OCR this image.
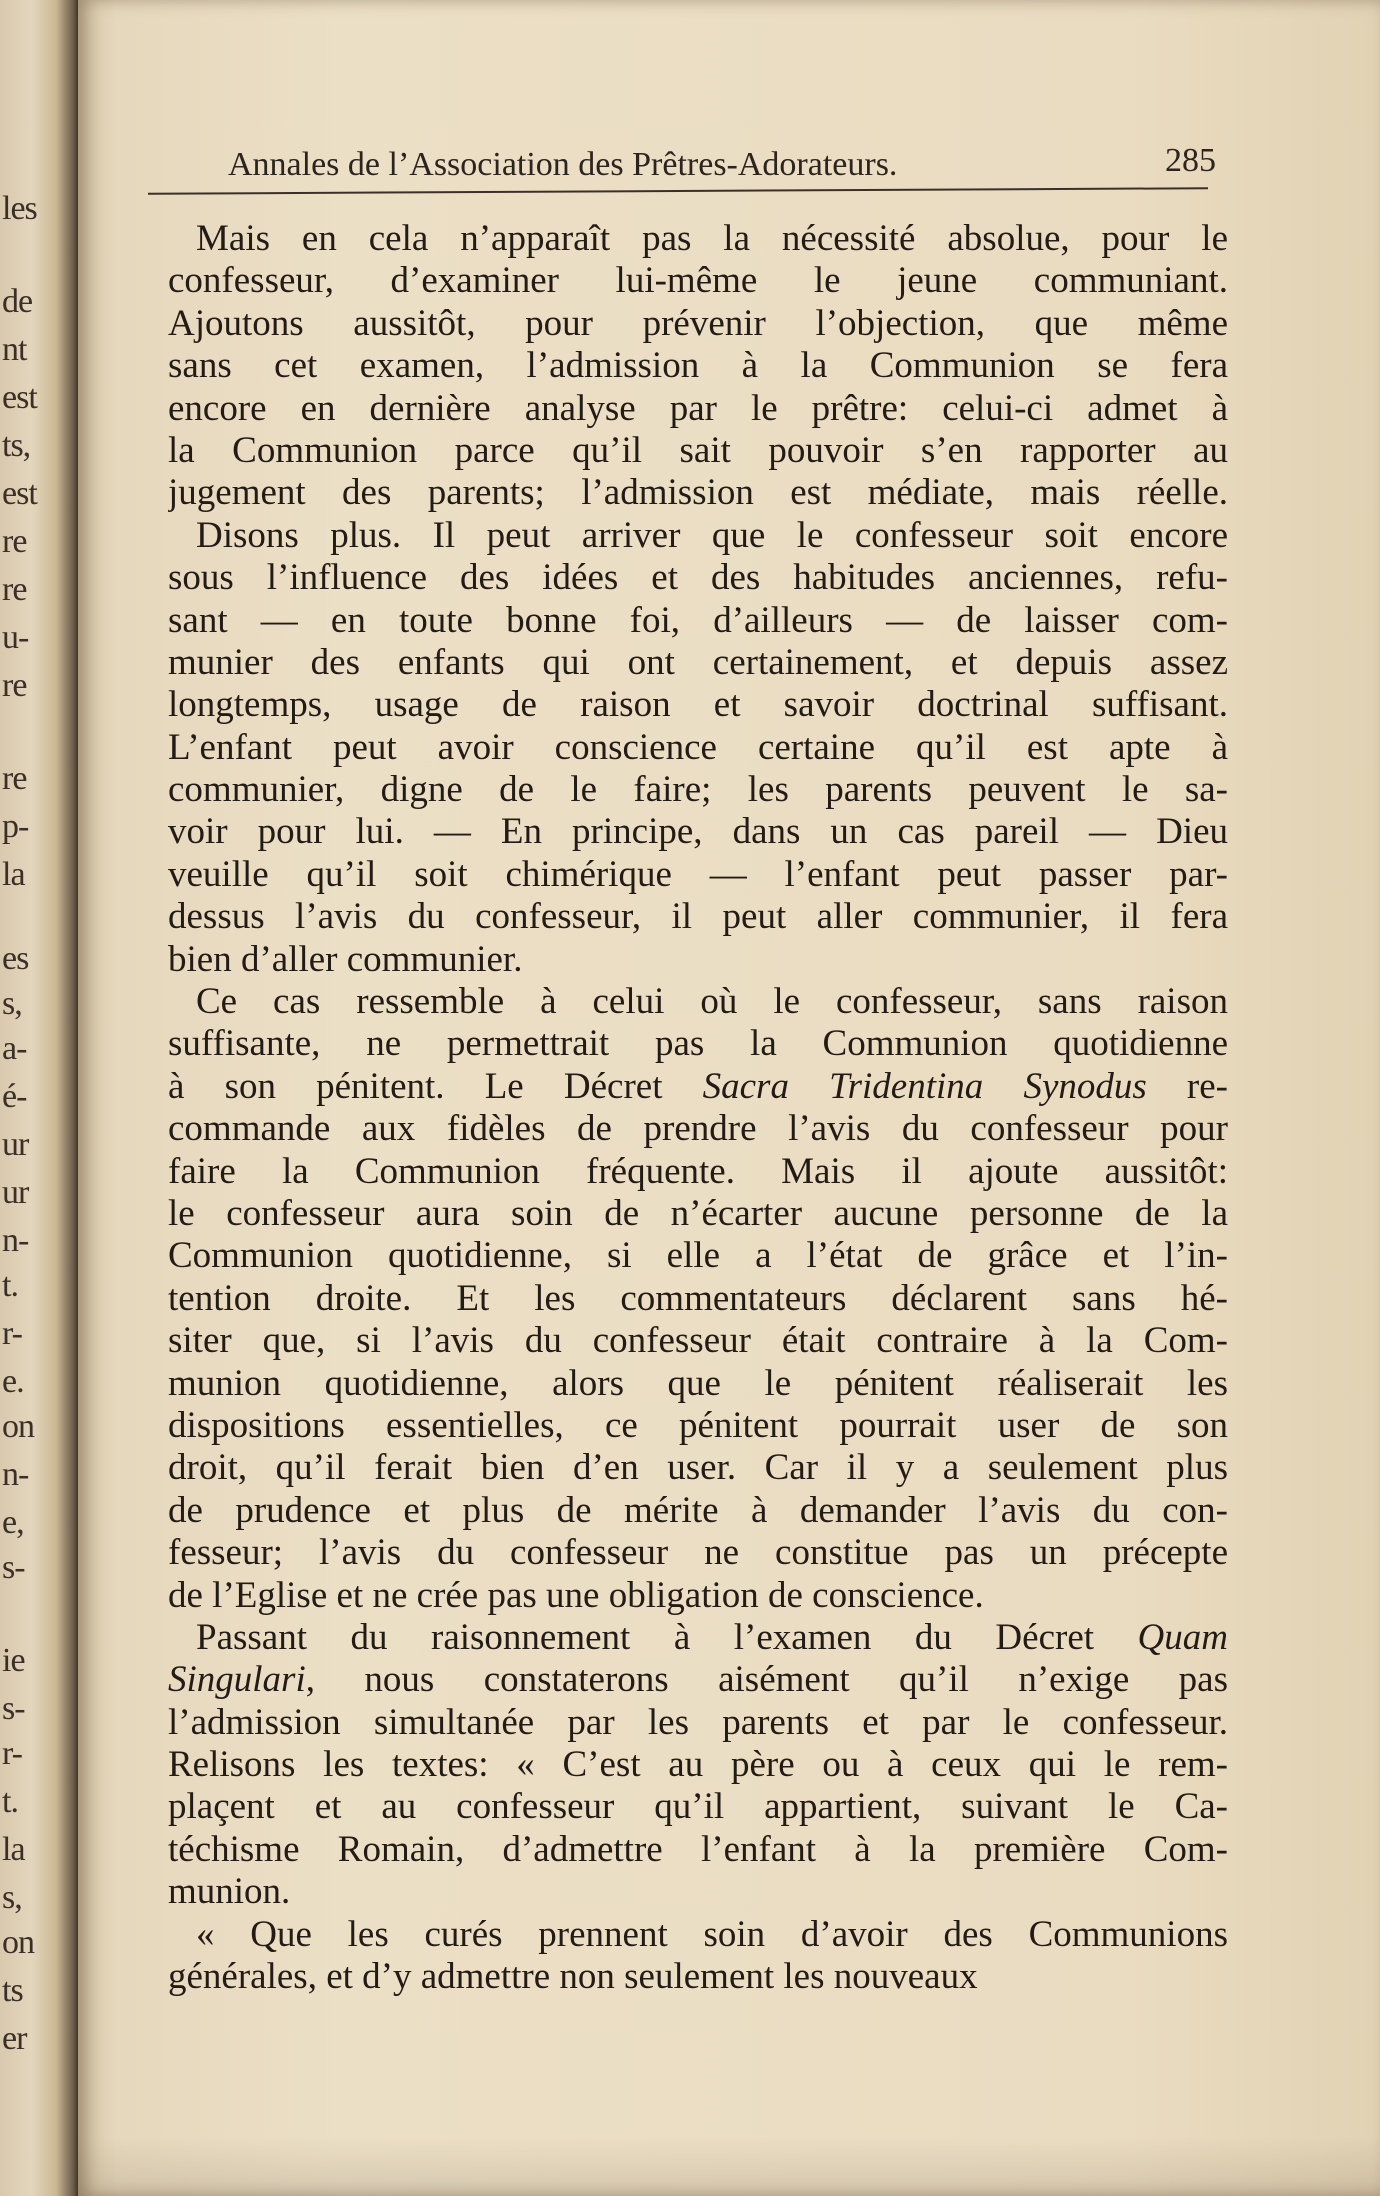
les
de
nt
est
ts,
est
re
re
u-
re
re
p-
la
es
s,
a-
é-
ur
ur
n-
t.
r-
e.
on
n-
e,
s-
ie
s-
r-
t.
la
s,
on
ts
er
Annales de l’Association des Prêtres-Adorateurs.	285
Mais en cela n’apparaît pas la nécessité absolue, pour le
confesseur, d’examiner lui-même le jeune communiant.
Ajoutons aussitôt, pour prévenir l’objection, que même
sans cet examen, l’admission à la Communion se fera
encore en dernière analyse par le prêtre: celui-ci admet à
la Communion parce qu’il sait pouvoir s’en rapporter au
jugement des parents; l’admission est médiate, mais réelle.
Disons plus. Il peut arriver que le confesseur soit encore
sous l’influence des idées et des habitudes anciennes, refu-
sant — en toute bonne foi, d’ailleurs — de laisser com-
munier des enfants qui ont certainement, et depuis assez
longtemps, usage de raison et savoir doctrinal suffisant.
L’enfant peut avoir conscience certaine qu’il est apte à
communier, digne de le faire; les parents peuvent le sa-
voir pour lui. — En principe, dans un cas pareil — Dieu
veuille qu’il soit chimérique — l’enfant peut passer par-
dessus l’avis du confesseur, il peut aller communier, il fera
bien d’aller communier.
Ce cas ressemble à celui où le confesseur, sans raison
suffisante, ne permettrait pas la Communion quotidienne
à son pénitent. Le Décret Sacra Tridentina Synodus re-
commande aux fidèles de prendre l’avis du confesseur pour
faire la Communion fréquente. Mais il ajoute aussitôt:
le confesseur aura soin de n’écarter aucune personne de la
Communion quotidienne, si elle a l’état de grâce et l’in-
tention droite. Et les commentateurs déclarent sans hé-
siter que, si l’avis du confesseur était contraire à la Com-
munion quotidienne, alors que le pénitent réaliserait les
dispositions essentielles, ce pénitent pourrait user de son
droit, qu’il ferait bien d’en user. Car il y a seulement plus
de prudence et plus de mérite à demander l’avis du con-
fesseur; l’avis du confesseur ne constitue pas un précepte
de l’Eglise et ne crée pas une obligation de conscience.
Passant du raisonnement à l’examen du Décret Quam
Singulari, nous constaterons aisément qu’il n’exige pas
l’admission simultanée par les parents et par le confesseur.
Relisons les textes: « C’est au père ou à ceux qui le rem-
plaçent et au confesseur qu’il appartient, suivant le Ca-
téchisme Romain, d’admettre l’enfant à la première Com-
munion.
« Que les curés prennent soin d’avoir des Communions
générales, et d’y admettre non seulement les nouveaux
